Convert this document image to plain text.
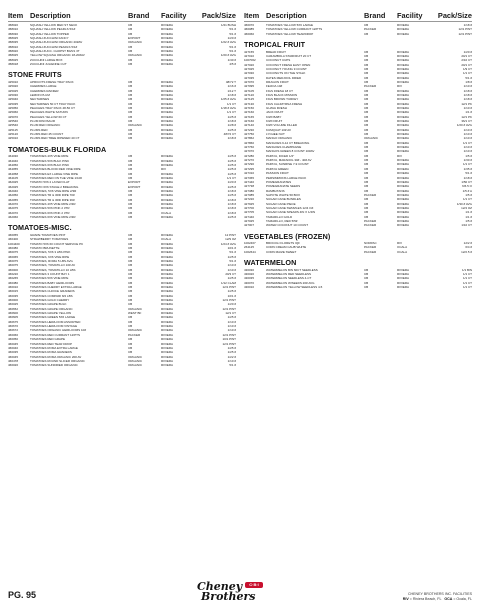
Item Description	Brand	Facility	Pack/Size
458020	SQUASH YELLOW MED ST NECK	CB	RIVIERA	1/21 BUSH
458010	SQUASH YELLOW PEARLS 5/1#	CB	RIVIERA	5/1 #
458030	SQUASH YELLOW TOPPED	CB	RIVIERA	5/1 #
458025	SQUASH ZUCCHINI FANCY	EXPORT	RIVIERA	1/20 #
458035	SQUASH ZUCCHINI ORGANIC 20#AV	ORGANIC	RIVIERA	1/22 # AVG
458010	SQUASH ZUCCHINI PEARLS 5/1#	CB	RIVIERA	5/1 #
458020	SQUASH ZUCC. CHOPST BG5/1 3T	CB	RIVIERA	5/1 #
458025	YELLOW SQUASH ORGANIC 18-20#AV	ORGANIC	RIVIERA	1/20 # AVG
458025	ZUCCHINI LARGE BOX	CB	RIVIERA	1/40 #
458018	ZUCCHINI JULIENNE CUT	CB	RIVIERA	4/5 #
STONE FRUITS
425010	APRICOTS FRESH TRAY PACK	CB	RIVIERA	48/72 T
425020	CHERRIES LARGE	CB	RIVIERA	1/16 #
425025	CHERRIES RAINIER	CB	RIVIERA	1/12 T
425030	LEMON PLUM	CB	RIVIERA	1/18 #
425040	NECTARINES	CB	RIVIERA	1/25 # AVG
425035	NECTARINES 50 CT TRAY PACK	CB	RIVIERA	1/1 CT
425050	PEACHES TRAY PACK 48-50 CT	CB	RIVIERA	1/18 # AVG
425060	PEACHES WHITE SATURN	CB	RIVIERA	1/1 CT
425070	PEACHES YELLOW 60 CT	CB	RIVIERA	1/25 #
425540	PLUM DINOSAUR	CB	RIVIERA	1/18 #
425540	PLUM RED ORGANIC	ORGANIC	RIVIERA	1/28 #
425115	PLUMS RED	CB	RIVIERA	1/25 #
425120	PLUMS RED 45 COUNT	CB	RIVIERA	48/72 CT
425010	PLUMS RED TREE RIPENED 40 CT	CB	RIVIERA	1/18 #
TOMATOES-BULK FLORIDA
464030	TOMATOES 4X5 VINE RIPE	CB	RIVIERA	1/25 #
464040	TOMATOES 5X6 BULK PINK	CB	RIVIERA	1/25 #
464050	TOMATOES 6X6 BULK PINK	CB	RIVIERA	1/25 #
464055	TOMATOES BLOOD RED VINE RIPE	CB	RIV	1/25 #
464058	TOMATOES EX LARGE VINE RIPE	CB	RIVIERA	1/25 #
464105	TOMATOES RED ON THE VINE 1/10#	CB	RIVIERA	1/1 CT
462025	TOMATO 5X6 2 LAYER FLAT	EXPORT	RIVIERA	1/20 #
462025	TOMATO 6X6 STAGE 2 BREAKING	EXPORT	RIVIERA	1/25 #
462040	TOMATOES, 5X6 VINE RIPE 2/3R	CB	RIVIERA	1/18 #
462050	TOMATOES TR & 3RD RIPE 70#	CB	RIVIERA	1/25 #
462055	TOMATOES TR & 3RD RIPE 36#	CB	RIVIERA	1/18 #
462070	TOMATOES 4X5 VINE RIPE 2/3R	CB	RIVIERA	1/18 #
462075	TOMATOES 5X6 PINK 2 3TR	CB	RIVIERA	1/18 #
462070	TOMATOES 6X6 PINK 2 3TR	CB	OCALA	1/18 #
462060	TOMATOES 6X6 VINE RIPE 2/3R	CB	RIVIERA	1/25 #
TOMATOES-MISC.
466055	GRAPE TOMATOES PINT	CB	RIVIERA	12 PINT
466400	STRAWBERRY TOMATOES	CB	OCALA	12/9 OZ
1004400	TOMATO 5X6 60 COUNT SERVICE PK	CB	RIVIERA	1/24 # AVG
466380	TOMATO BRUNETTE	CB	RIVIERA	10/1 #
466075	TOMATOES, 5X6 3 LBS PINK	CB	RIVIERA	5/1 #
466065	TOMATOES, 6X6 VINE RIPE	CB	RIVIERA	1/25 #
466075	TOMATOES, ROMA 5 LBS AVG	CB	RIVIERA	5/1 #
466075	TOMATOES, TOMATILLO 10# AV	CB	RIVIERA	1/10 #
466000	TOMATOES, TOMATILLO 10 LBS	CB	RIVIERA	1/10 #
466220	TOMATOES 3 COUNT BAY 1	CB	RIVIERA	20/3 CT
466265	TOMATOES 5X6 VINE RIPE	CB	RIVIERA	1/25 #
466380	TOMATOES BABY HEIRLOOMS	CB	RIVIERA	1/12 CLAM
466010	TOMATOES CHERRY EXTRA LARGE	CB	RIVIERA	12/1 PINT
466015	TOMATOES CHOICE GRADEDS	CB	RIVIERA	1/25 #
466035	TOMATOES COMPARI 8/2 LBS	CB	RIVIERA	10/1 #
466000	TOMATOES GOLD CHERRY	CB	RIVIERA	12/1 PINT
466025	TOMATOES GRAPE BULK	CB	RIVIERA	1/20 #
466652	TOMATOES GRAPE ORGANIC	ORGANIC	RIVIERA	12/1 PINT
466600	TOMATOES GRAPE YELLOW	WEST BF	RIVIERA	12/1 CT
466605	TOMATOES GREEN 5X6 LARGE	CB	RIVIERA	1/25 #
466675	TOMATOES HEIRLOOM ASSORTED	CB	RIVIERA	1/10 #
466670	TOMATOES HEIRLOOM VINTAGE	CB	RIVIERA	1/10 #
466672	TOMATOES ORGANIC HEIRLOOMS 10#	ORGANIC	RIVIERA	1/10 #
466066	TOMATOES RED CURRANT 12/PTS	PACKER	RIVIERA	12/1 PINT
466050	TOMATOES RED GRAPE	CB	RIVIERA	10/1 PINT
466045	TOMATOES RED TEAR DROP	CB	RIVIERA	12/1 PINT
466040	TOMATOES ROMA EXTRA LARGE	CB	RIVIERA	1/25 #
466035	TOMATOES ROMA GRADEDS	CB	RIVIERA	1/25 #
466045	TOMATOES ROMA ORGANIC 20# AV	ORGANIC	RIVIERA	1/22 #
466478	TOMATOES ROUND SLICER ORGANIC	ORGANIC	RIVIERA	1/10 #
466026	TOMATOES SUNDRIED ORGANIC	ORGANIC	RIVIERA	5/1 #
Item Description	Brand	Facility	Pack/Size
466070	TOMATOES YELLOW 5X6 LARGE	CB	RIVIERA	1/18 #
466085	TOMATOES YELLOW CURRANT 12/PTS	PACKER	RIVIERA	12/1 PINT
466060	TOMATOES YELLOW TEARDROP	CB	RIVIERA	12/1 PINT
TROPICAL FRUIT
427155	BREAD FRUIT	CB	RIVIERA	1/20 #
427010	CARAMBOLA STARFRUIT 20 CT	CB	RIVIERA	20/1 CT
1007062	COCONUT CUPS	CB	RIVIERA	2/10 CT
427020	COCONUT FRESH EASY OPEN	CB	RIVIERA	20/1 CT
427025	COCONUT YOUNG 9 COUNT	CB	RIVIERA	1/9 CT
427030	COCONUTS ON THE STALK	CB	RIVIERA	1/1 CT
427035	DATES MEDJOOL DRIED	CB	RIVIERA	5/1 #
427070	DRAGON FRUIT	CB	RIVIERA	1/8 #
427095	FEIJOA 10#	PACKER	RIV	1/10 #
427105	FIGS FRESH 18 CT	CB	RIVIERA	1/18 #
427120	FIGS BLACK MISSION	CB	RIVIERA	1/18 #
427125	FIGS BROWN TURKEY	CB	RIVIERA	1/18 #
427130	FIGS CALIMYRNA FRESH	CB	RIVIERA	12/1 PK
427150	GUAVA FRESH	CB	RIVIERA	1/10 #
427160	JACK FRUIT	CB	RIVIERA	1/1 #
427165	KIWI BABY	CB	RIVIERA	12/1 PK
427160	KIWI FRUIT	CB	RIVIERA	36/1 CT
427140	KIWI VOLUME FILLED	CB	RIVIERA	1/20 # AVG
427230	KUMQUAT 10# AV	CB	RIVIERA	1/10 #
427750	LYCHEE NUT	CB	RIVIERA	1/10 #
427862	MANGO ORGANIC	ORGANIC	RIVIERA	1/10 #
427860	MANGOES 9-12 CT BREAKING	CB	RIVIERA	1/1 CT
427760	MANGOES CHAMPAGNE	CB	RIVIERA	1/10 #
427070	MANGOS GREEN 8 COUNT 10#AV	CB	RIVIERA	1/10 #
427280	PAPAYA, DICED 1/2"	CB	RIV	1/5 #
427270	PAPAYA, MARADOL 30# - 40# AV	CB	RIVIERA	1/30 #
427290	PAPAYA, SUNRISE 7-9 COUNT	CB	RIVIERA	1/1 CT
427295	PAPAYA GREEN	CB	RIVIERA	1/35 #
427310	PASSION FRUIT	CB	RIVIERA	5/1 #
427365	PERSIMMONS LARGE PACK	CB	RIVIERA	1/18 #
427440	POMEGRANATES	CB	RIVIERA	1/50 CT
427738	POMEGRANATE SEEDS	CB	RIVIERA	6/6.5 O
427380	RAMBUTANS	CB	RIVIERA	1/5 # A
427085	SAPOTE WHITE 5# BOX	PACKER	RIVIERA	1/5 #
427220	SUGAR CANE BUNDLES	CB	RIVIERA	1/1 CT
427925	SUGAR CANE PIECE	CB	RIVIERA	1/30 # AVG
427700	SUGAR CANE SWIZZLES 12/4 OZ	CB	RIVIERA	12/4 OZ
427705	SUGAR CANE SPEARS 4IN X 1/4IN	CB	RIVIERA	1/1 #
427440	TAMARILLO GOLD	CB	RIVIERA	1/1 #
427025	TAMARILLO, RED 5/5#	PACKER	RIVIERA	1/5 #
427007	WATER COCONUT 10 COUNT	PACKER	RIVIERA	1/10 CT
VEGETABLES (FROZEN)
1002467	BROCOLI FLORETS IQF	NORPAC	RIV	12/2 #
264125	CORN CREAM CAUB WHITE	PACKER	OCALA	6/4 #
1002644	CORN MAIZE SWEET	PACKER	OCALA	12/2.5 #
WATERMELON
430030	WATERMELON BIN 60CT SEEDLESS	CB	RIVIERA	1/1 BIN
430020	WATERMELON RED SEEDLESS	CB	RIVIERA	1/1 CT
430035	WATERMELON SEEDLESS 4-CT	CB	RIVIERA	1/1 CT
430070	WATERMELON W/SEEDS 20# AVG	CB	RIVIERA	1/1 CT
430010	WATERMELON YELLOW SEEDLESS 4-5	CB	RIVIERA	1/1 CT
PG. 95
Cheney
Brothers
C·B·I
CHENEY BROTHERS INC. FACILITIES
RIV = Riviera Beach, FL OCA = Ocala, FL
